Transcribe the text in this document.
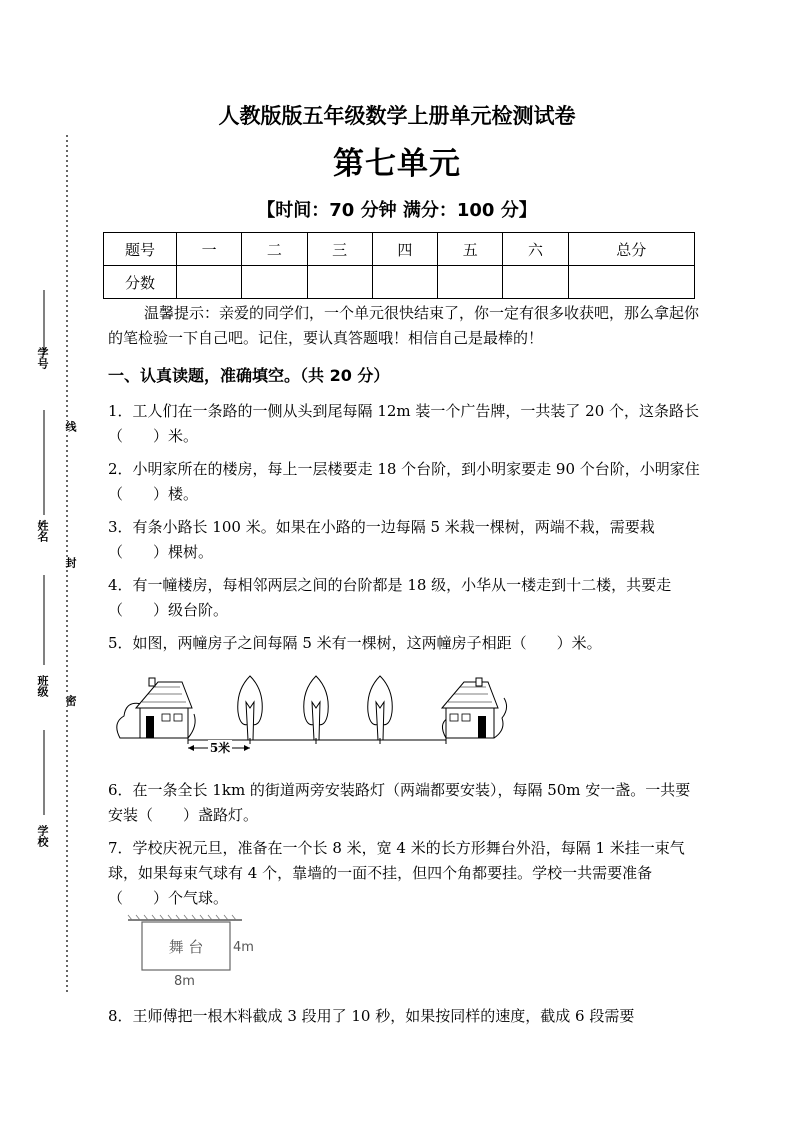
学号
姓名
班级
学校
线
封
密
人教版版五年级数学上册单元检测试卷
第七单元
【时间：70 分钟 满分：100 分】
题号	一	二	三	四	五	六	总分
分数							
温馨提示：亲爱的同学们，一个单元很快结束了，你一定有很多收获吧，那么拿起你的笔检验一下自己吧。记住，要认真答题哦！相信自己是最棒的！
一、认真读题，准确填空。（共 20 分）
1．工人们在一条路的一侧从头到尾每隔 12m 装一个广告牌，一共装了 20 个，这条路长（　　）米。
2．小明家所在的楼房，每上一层楼要走 18 个台阶，到小明家要走 90 个台阶，小明家住（　　）楼。
3．有条小路长 100 米。如果在小路的一边每隔 5 米栽一棵树，两端不栽，需要栽（　　）棵树。
4．有一幢楼房，每相邻两层之间的台阶都是 18 级，小华从一楼走到十二楼，共要走（　　）级台阶。
5．如图，两幢房子之间每隔 5 米有一棵树，这两幢房子相距（　　）米。
5米
6．在一条全长 1km 的街道两旁安装路灯（两端都要安装），每隔 50m 安一盏。一共要安装（　　）盏路灯。
7．学校庆祝元旦，准备在一个长 8 米，宽 4 米的长方形舞台外沿，每隔 1 米挂一束气球，如果每束气球有 4 个，靠墙的一面不挂，但四个角都要挂。学校一共需要准备（　　）个气球。
舞 台 4m
8m
8．王师傅把一根木料截成 3 段用了 10 秒，如果按同样的速度，截成 6 段需要
